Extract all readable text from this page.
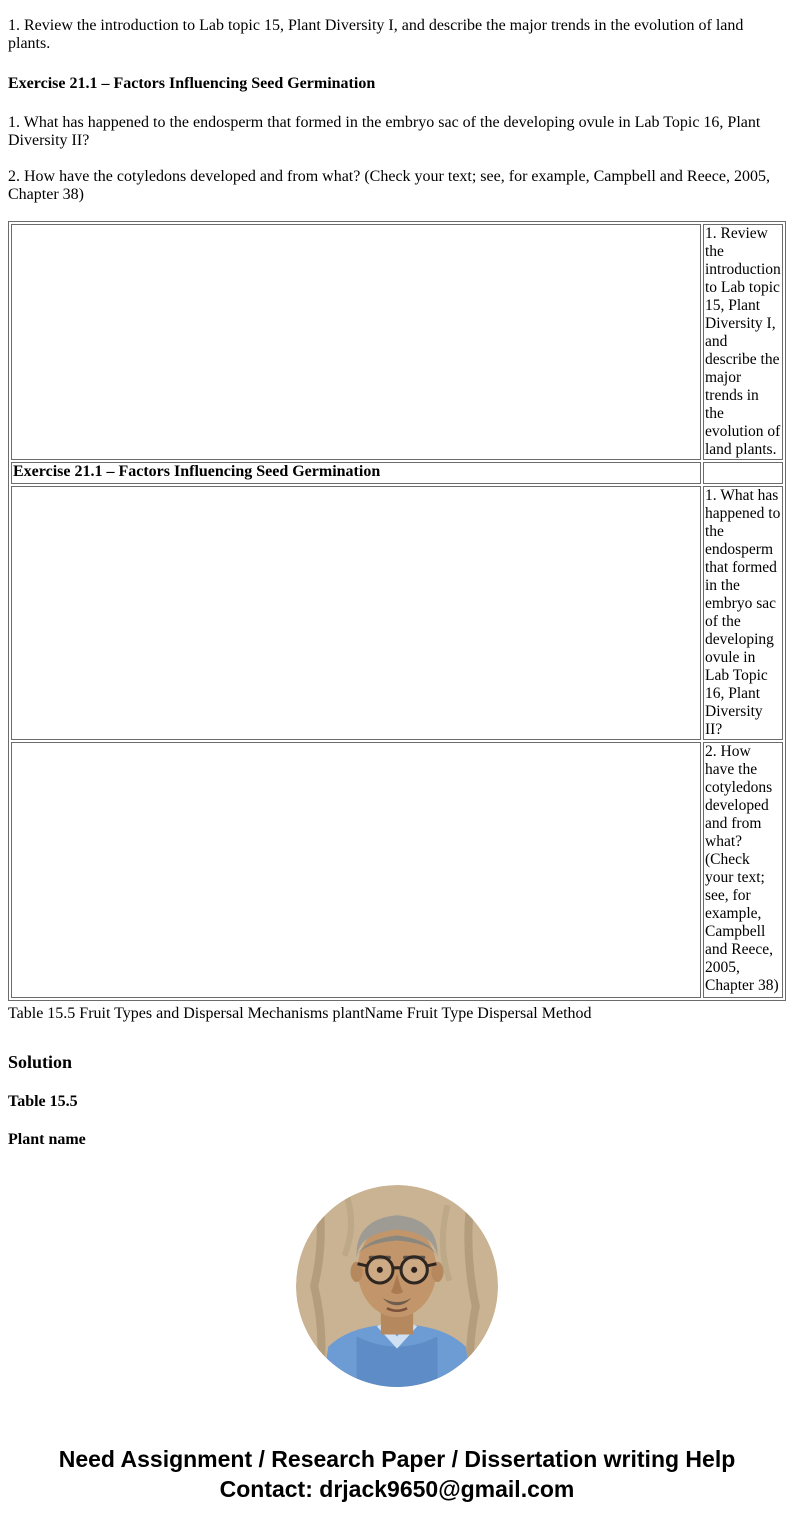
1. Review the introduction to Lab topic 15, Plant Diversity I, and describe the major trends in the evolution of land plants.

Exercise 21.1 – Factors Influencing Seed Germination

1. What has happened to the endosperm that formed in the embryo sac of the developing ovule in Lab Topic 16, Plant Diversity II?

2. How have the cotyledons developed and from what? (Check your text; see, for example, Campbell and Reece, 2005, Chapter 38)

	1. Review the introduction to Lab topic 15, Plant Diversity I, and describe the major trends in the evolution of land plants.
Exercise 21.1 – Factors Influencing Seed Germination	
	1. What has happened to the endosperm that formed in the embryo sac of the developing ovule in Lab Topic 16, Plant Diversity II?
	2. How have the cotyledons developed and from what? (Check your text; see, for example, Campbell and Reece, 2005, Chapter 38)

Table 15.5 Fruit Types and Dispersal Mechanisms plantName Fruit Type Dispersal Method

Solution
Table 15.5
Plant name
Need Assignment / Research Paper / Dissertation writing Help
Contact: drjack9650@gmail.com
